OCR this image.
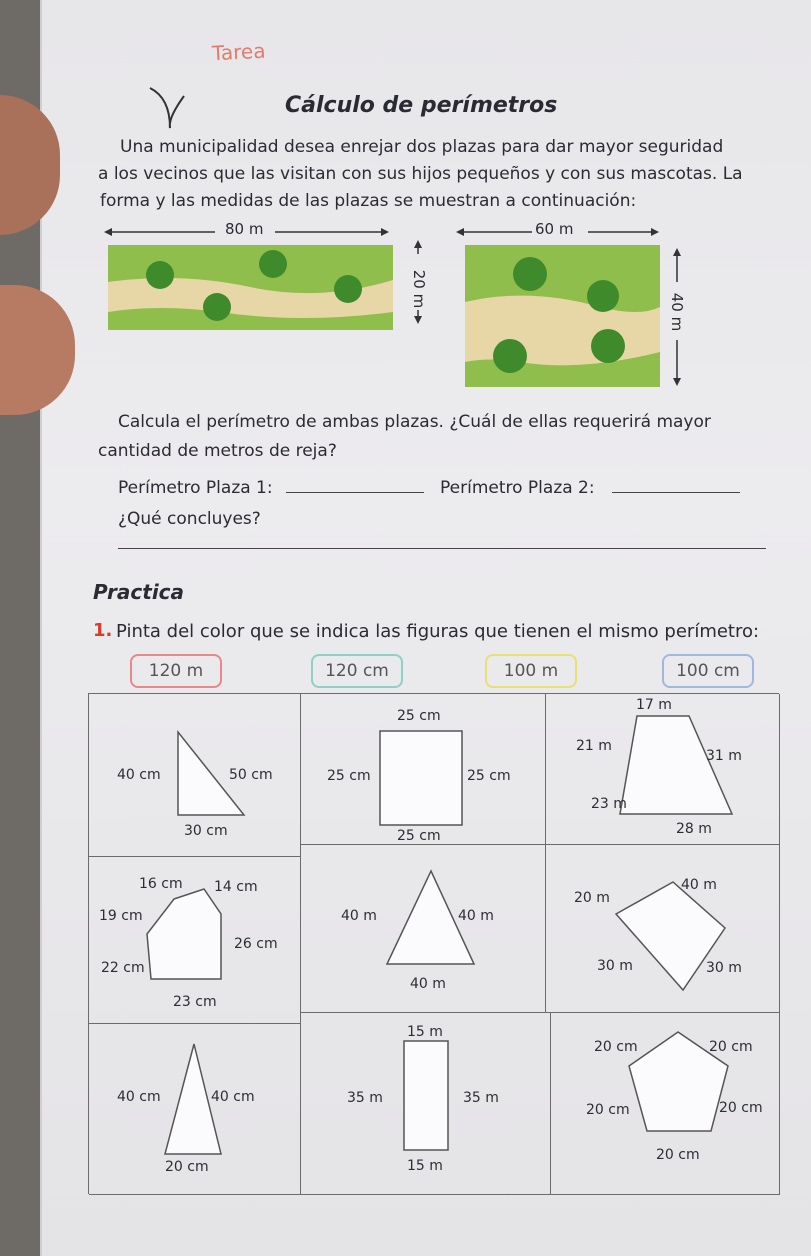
Tarea
Cálculo de perímetros
Una municipalidad desea enrejar dos plazas para dar mayor seguridad
a los vecinos que las visitan con sus hijos pequeños y con sus mascotas. La
forma y las medidas de las plazas se muestran a continuación:
80 m	60 m
20 m
40 m
Calcula el perímetro de ambas plazas. ¿Cuál de ellas requerirá mayor
cantidad de metros de reja?
Perímetro Plaza 1:	Perímetro Plaza 2:
¿Qué concluyes?
Practica
1. Pinta del color que se indica las figuras que tienen el mismo perímetro:
120 m	120 cm	100 m	100 cm
40 cm	50 cm
30 cm
25 cm
25 cm	25 cm
25 cm
17 m
21 m
31 m
23 m
28 m
16 cm 14 cm
19 cm
26 cm
22 cm
23 cm
40 m	40 m
40 m
20 m
40 m
30 m	30 m
40 cm	40 cm
20 cm
15 m
35 m	35 m
15 m
20 cm	20 cm
20 cm	20 cm
20 cm
